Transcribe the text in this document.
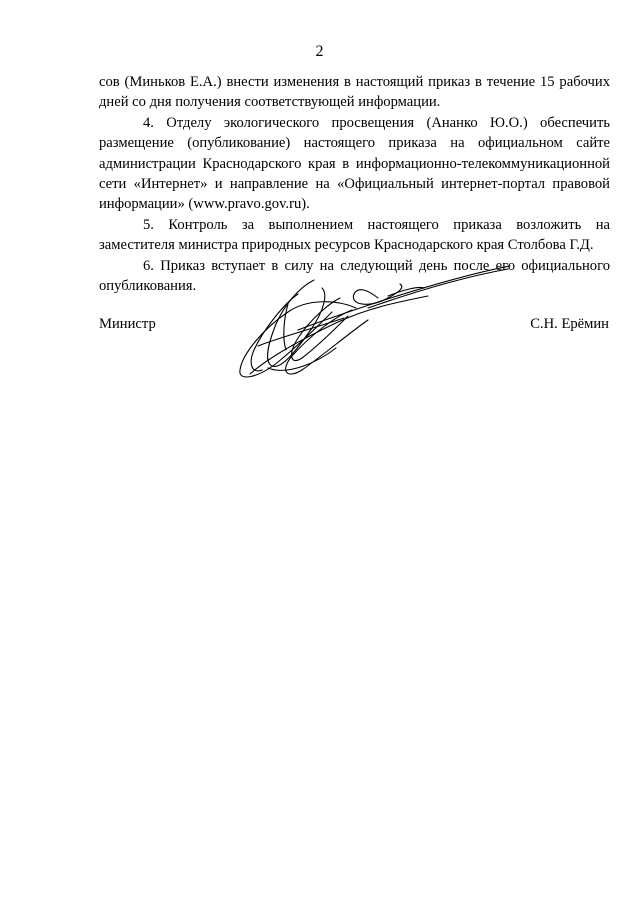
2

сов (Миньков Е.А.) внести изменения в настоящий приказ в течение 15 рабочих дней со дня получения соответствующей информации.

4. Отделу экологического просвещения (Ананко Ю.О.) обеспечить размещение (опубликование) настоящего приказа на официальном сайте администрации Краснодарского края в информационно-телекоммуникационной сети «Интернет» и направление на «Официальный интернет-портал правовой информации» (www.pravo.gov.ru).

5. Контроль за выполнением настоящего приказа возложить на заместителя министра природных ресурсов Краснодарского края Столбова Г.Д.

6. Приказ вступает в силу на следующий день после его официального опубликования.

Министр	С.Н. Ерёмин
